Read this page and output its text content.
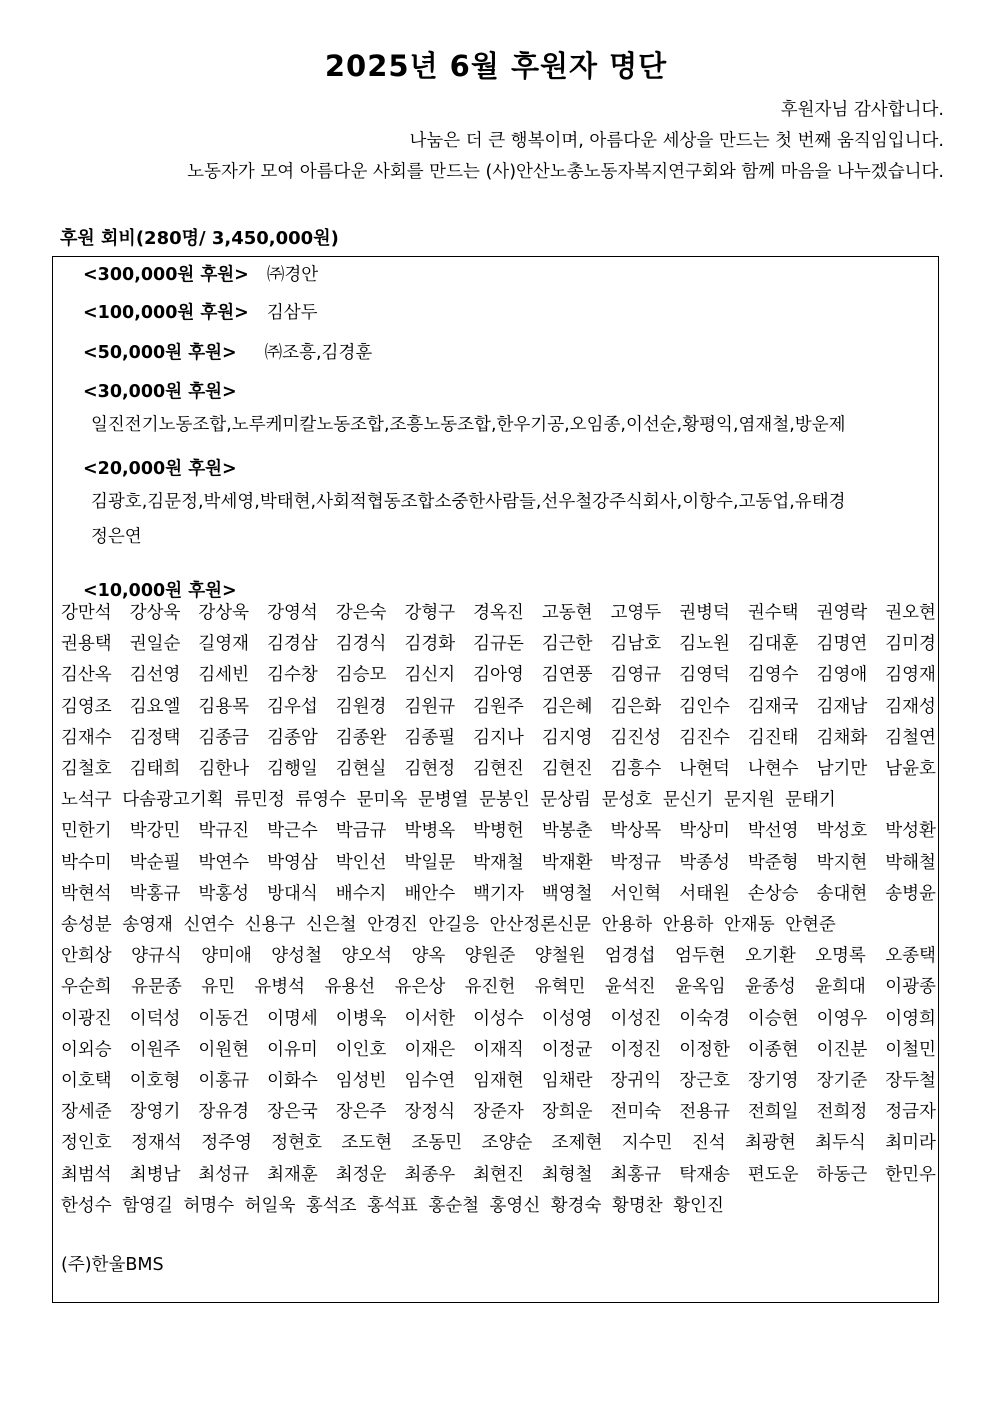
2025년 6월 후원자 명단
후원자님 감사합니다.
나눔은 더 큰 행복이며, 아름다운 세상을 만드는 첫 번째 움직임입니다.
노동자가 모여 아름다운 사회를 만드는 (사)안산노총노동자복지연구회와 함께 마음을 나누겠습니다.
후원 회비(280명/ 3,450,000원)
<300,000원 후원> ㈜경안
<100,000원 후원> 김삼두
<50,000원 후원> ㈜조흥,김경훈
<30,000원 후원>
일진전기노동조합,노루케미칼노동조합,조흥노동조합,한우기공,오임종,이선순,황평익,염재철,방운제
<20,000원 후원>
김광호,김문정,박세영,박태현,사회적협동조합소중한사람들,선우철강주식회사,이항수,고동업,유태경
정은연
<10,000원 후원>
강만석 강상욱 강상욱 강영석 강은숙 강형구 경옥진 고동현 고영두 권병덕 권수택 권영락 권오현
권용택 권일순 길영재 김경삼 김경식 김경화 김규돈 김근한 김남호 김노원 김대훈 김명연 김미경
김산옥 김선영 김세빈 김수창 김승모 김신지 김아영 김연풍 김영규 김영덕 김영수 김영애 김영재
김영조 김요엘 김용목 김우섭 김원경 김원규 김원주 김은혜 김은화 김인수 김재국 김재남 김재성
김재수 김정택 김종금 김종암 김종완 김종필 김지나 김지영 김진성 김진수 김진태 김채화 김철연
김철호 김태희 김한나 김행일 김현실 김현정 김현진 김현진 김흥수 나현덕 나현수 남기만 남윤호
노석구 다솜광고기획 류민정 류영수 문미옥 문병열 문봉인 문상림 문성호 문신기 문지원 문태기
민한기 박강민 박규진 박근수 박금규 박병옥 박병헌 박봉춘 박상목 박상미 박선영 박성호 박성환
박수미 박순필 박연수 박영삼 박인선 박일문 박재철 박재환 박정규 박종성 박준형 박지현 박해철
박현석 박홍규 박홍성 방대식 배수지 배안수 백기자 백영철 서인혁 서태원 손상승 송대현 송병윤
송성분 송영재 신연수 신용구 신은철 안경진 안길응 안산정론신문 안용하 안용하 안재동 안현준
안희상 양규식 양미애 양성철 양오석 양옥 양원준 양철원 엄경섭 엄두현 오기환 오명록 오종택
우순희 유문종 유민 유병석 유용선 유은상 유진헌 유혁민 윤석진 윤옥임 윤종성 윤희대 이광종
이광진 이덕성 이동건 이명세 이병욱 이서한 이성수 이성영 이성진 이숙경 이승현 이영우 이영희
이외승 이원주 이원현 이유미 이인호 이재은 이재직 이정균 이정진 이정한 이종현 이진분 이철민
이호택 이호형 이홍규 이화수 임성빈 임수연 임재현 임채란 장귀익 장근호 장기영 장기준 장두철
장세준 장영기 장유경 장은국 장은주 장정식 장준자 장희운 전미숙 전용규 전희일 전희정 정금자
정인호 정재석 정주영 정현호 조도현 조동민 조양순 조제현 지수민 진석 최광현 최두식 최미라
최범석 최병남 최성규 최재훈 최정운 최종우 최현진 최형철 최홍규 탁재송 편도운 하동근 한민우
한성수 함영길 허명수 허일욱 홍석조 홍석표 홍순철 홍영신 황경숙 황명찬 황인진
(주)한울BMS
